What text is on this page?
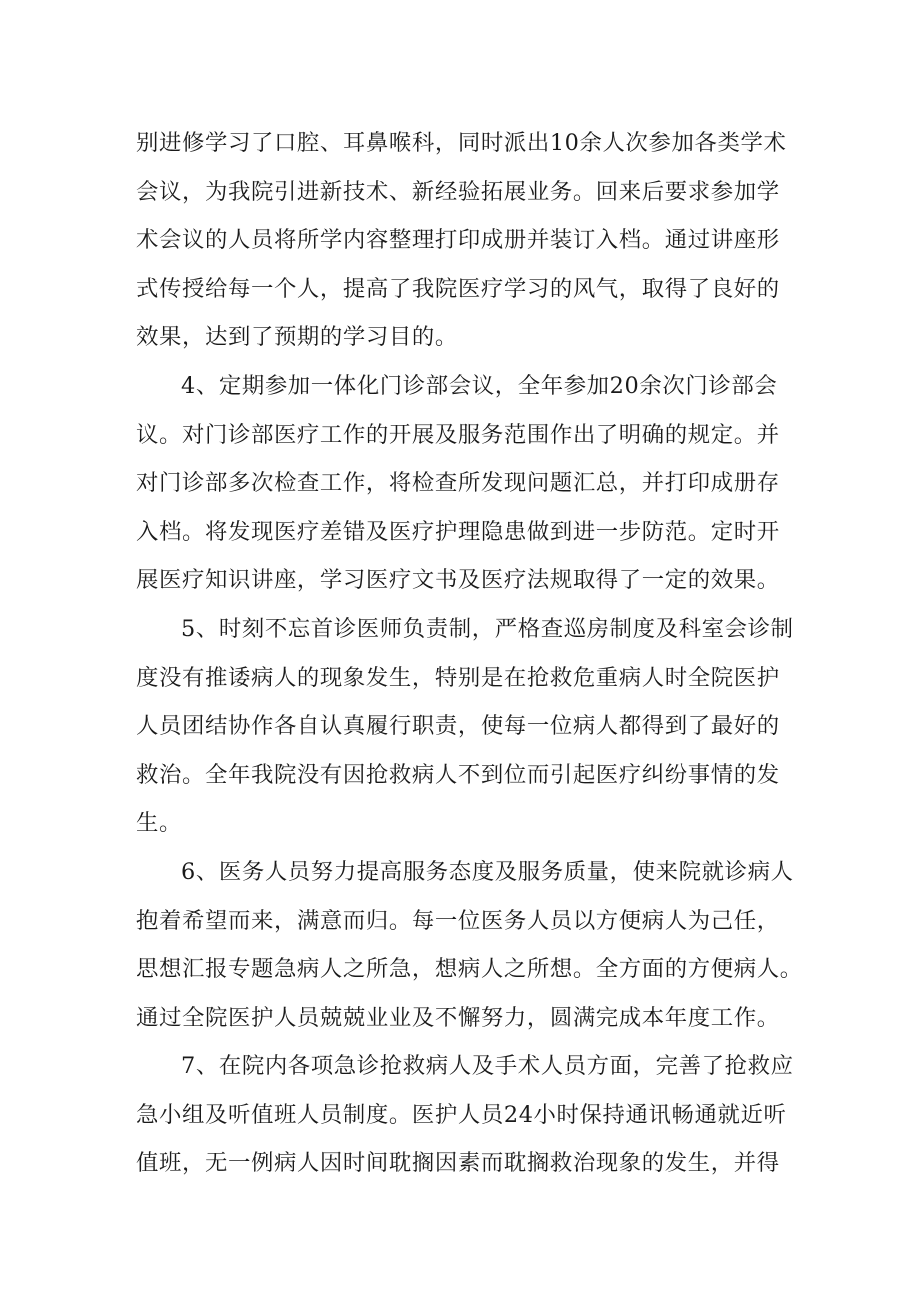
别进修学习了口腔、耳鼻喉科，同时派出10余人次参加各类学术
会议，为我院引进新技术、新经验拓展业务。回来后要求参加学
术会议的人员将所学内容整理打印成册并装订入档。通过讲座形
式传授给每一个人，提高了我院医疗学习的风气，取得了良好的
效果，达到了预期的学习目的。
4、定期参加一体化门诊部会议，全年参加20余次门诊部会
议。对门诊部医疗工作的开展及服务范围作出了明确的规定。并
对门诊部多次检查工作，将检查所发现问题汇总，并打印成册存
入档。将发现医疗差错及医疗护理隐患做到进一步防范。定时开
展医疗知识讲座，学习医疗文书及医疗法规取得了一定的效果。
5、时刻不忘首诊医师负责制，严格查巡房制度及科室会诊制
度没有推诿病人的现象发生，特别是在抢救危重病人时全院医护
人员团结协作各自认真履行职责，使每一位病人都得到了最好的
救治。全年我院没有因抢救病人不到位而引起医疗纠纷事情的发
生。
6、医务人员努力提高服务态度及服务质量，使来院就诊病人
抱着希望而来，满意而归。每一位医务人员以方便病人为己任，
思想汇报专题急病人之所急，想病人之所想。全方面的方便病人。
通过全院医护人员兢兢业业及不懈努力，圆满完成本年度工作。
7、在院内各项急诊抢救病人及手术人员方面，完善了抢救应
急小组及听值班人员制度。医护人员24小时保持通讯畅通就近听
值班，无一例病人因时间耽搁因素而耽搁救治现象的发生，并得
